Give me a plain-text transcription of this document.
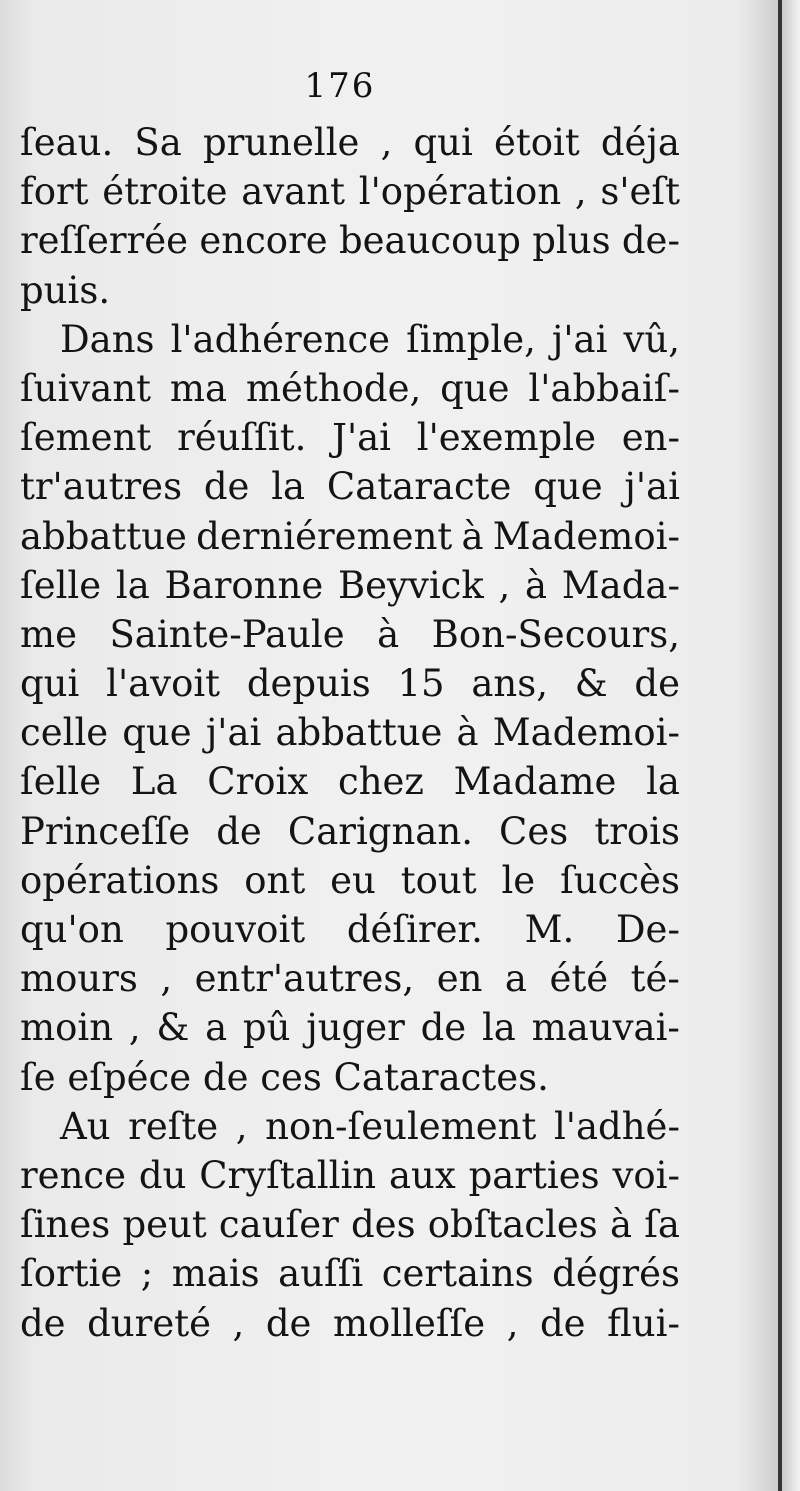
176
ſeau. Sa prunelle , qui étoit déja
fort étroite avant l'opération , s'eſt
reſſerrée encore beaucoup plus de-
puis.
Dans l'adhérence ſimple, j'ai vû,
ſuivant ma méthode, que l'abbaiſ-
ſement réuſſit. J'ai l'exemple en-
tr'autres de la Cataracte que j'ai
abbattue derniérement à Mademoi-
ſelle la Baronne Beyvick , à Mada-
me Sainte-Paule à Bon-Secours,
qui l'avoit depuis 15 ans, & de
celle que j'ai abbattue à Mademoi-
ſelle La Croix chez Madame la
Princeſſe de Carignan. Ces trois
opérations ont eu tout le ſuccès
qu'on pouvoit déſirer. M. De-
mours , entr'autres, en a été té-
moin , & a pû juger de la mauvai-
ſe eſpéce de ces Cataractes.
Au reſte , non-ſeulement l'adhé-
rence du Cryſtallin aux parties voi-
ſines peut cauſer des obſtacles à ſa
ſortie ; mais auſſi certains dégrés
de dureté , de molleſſe , de flui-
